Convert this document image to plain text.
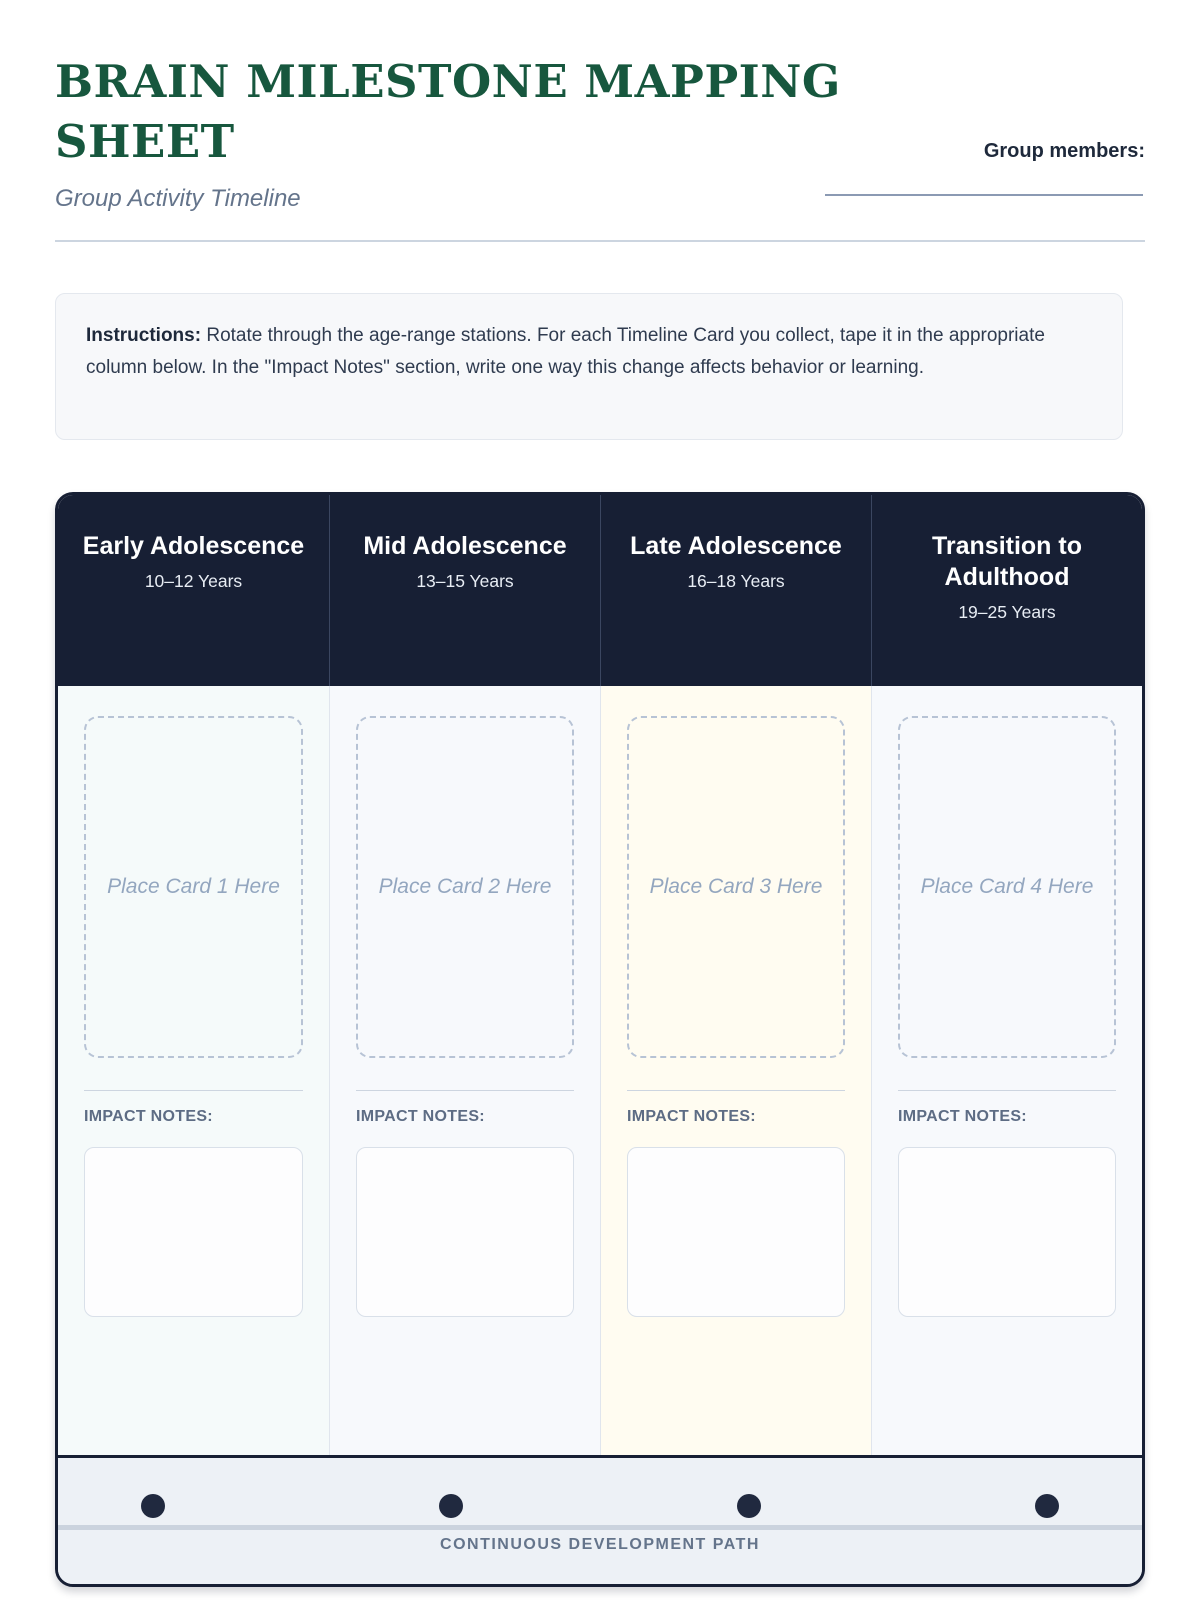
BRAIN MILESTONE MAPPING
SHEET
Group Activity Timeline
Group members:

Instructions: Rotate through the age-range stations. For each Timeline Card you collect, tape it in the appropriate column below. In the "Impact Notes" section, write one way this change affects behavior or learning.

Early Adolescence
10–12 Years
Mid Adolescence
13–15 Years
Late Adolescence
16–18 Years
Transition to Adulthood
19–25 Years
Place Card 1 Here
IMPACT NOTES:
Place Card 2 Here
IMPACT NOTES:
Place Card 3 Here
IMPACT NOTES:
Place Card 4 Here
IMPACT NOTES:
CONTINUOUS DEVELOPMENT PATH
